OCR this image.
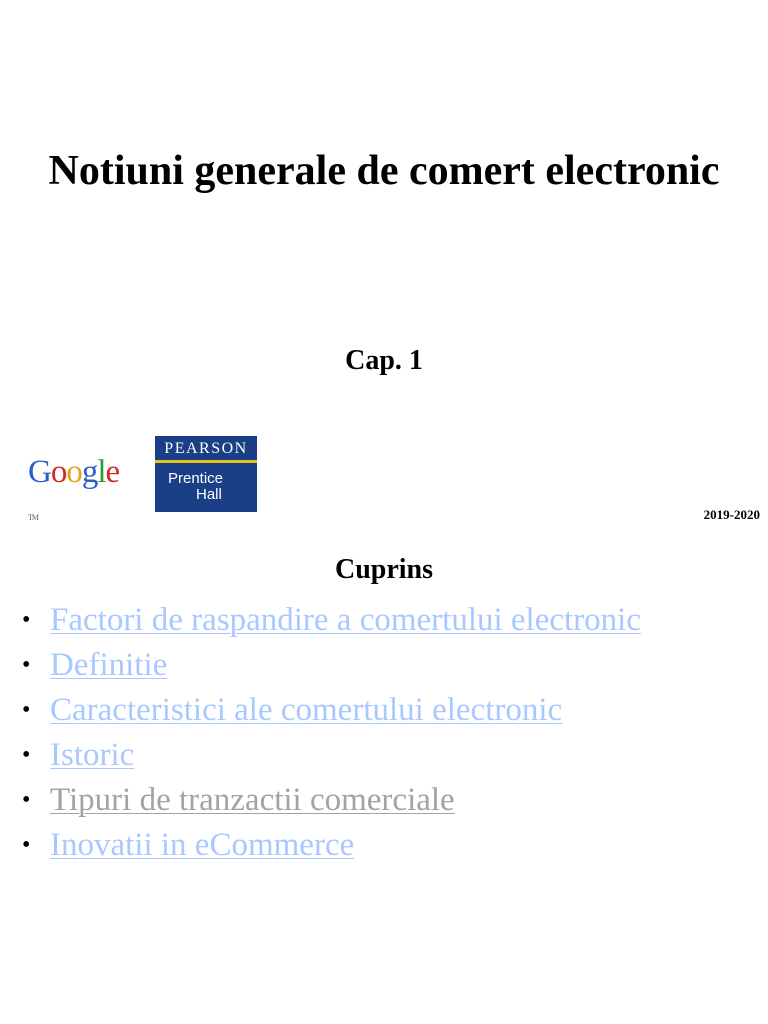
Notiuni generale de comert electronic
Cap. 1
GoogleTM
PEARSON
Prentice
Hall
2019-2020
Cuprins
• Factori de raspandire a comertului electronic
• Definitie
• Caracteristici ale comertului electronic
• Istoric
• Tipuri de tranzactii comerciale
• Inovatii in eCommerce
